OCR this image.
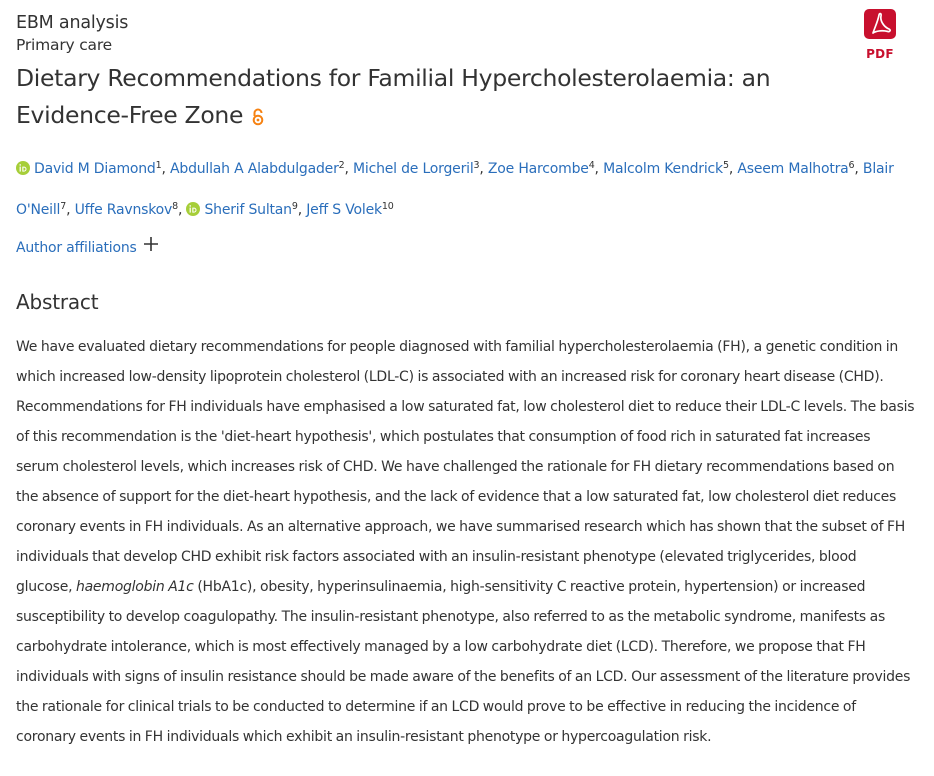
EBM analysis
Primary care
Dietary Recommendations for Familial Hypercholesterolaemia: an Evidence-Free Zone
David M Diamond$^1$, Abdullah A Alabdulgader$^2$, Michel de Lorgeril$^3$, Zoe Harcombe$^4$, Malcolm Kendrick$^5$, Aseem Malhotra$^6$, Blair O'Neill$^7$, Uffe Ravnskov$^8$, Sherif Sultan$^9$, Jeff S Volek$^{10}$
Author affiliations
Abstract

We have evaluated dietary recommendations for people diagnosed with familial hypercholesterolaemia (FH), a genetic condition in which increased low-density lipoprotein cholesterol (LDL-C) is associated with an increased risk for coronary heart disease (CHD). Recommendations for FH individuals have emphasised a low saturated fat, low cholesterol diet to reduce their LDL-C levels. The basis of this recommendation is the 'diet-heart hypothesis', which postulates that consumption of food rich in saturated fat increases serum cholesterol levels, which increases risk of CHD. We have challenged the rationale for FH dietary recommendations based on the absence of support for the diet-heart hypothesis, and the lack of evidence that a low saturated fat, low cholesterol diet reduces coronary events in FH individuals. As an alternative approach, we have summarised research which has shown that the subset of FH individuals that develop CHD exhibit risk factors associated with an insulin-resistant phenotype (elevated triglycerides, blood glucose, haemoglobin A1c (HbA1c), obesity, hyperinsulinaemia, high-sensitivity C reactive protein, hypertension) or increased susceptibility to develop coagulopathy. The insulin-resistant phenotype, also referred to as the metabolic syndrome, manifests as carbohydrate intolerance, which is most effectively managed by a low carbohydrate diet (LCD). Therefore, we propose that FH individuals with signs of insulin resistance should be made aware of the benefits of an LCD. Our assessment of the literature provides the rationale for clinical trials to be conducted to determine if an LCD would prove to be effective in reducing the incidence of coronary events in FH individuals which exhibit an insulin-resistant phenotype or hypercoagulation risk.

PDF
